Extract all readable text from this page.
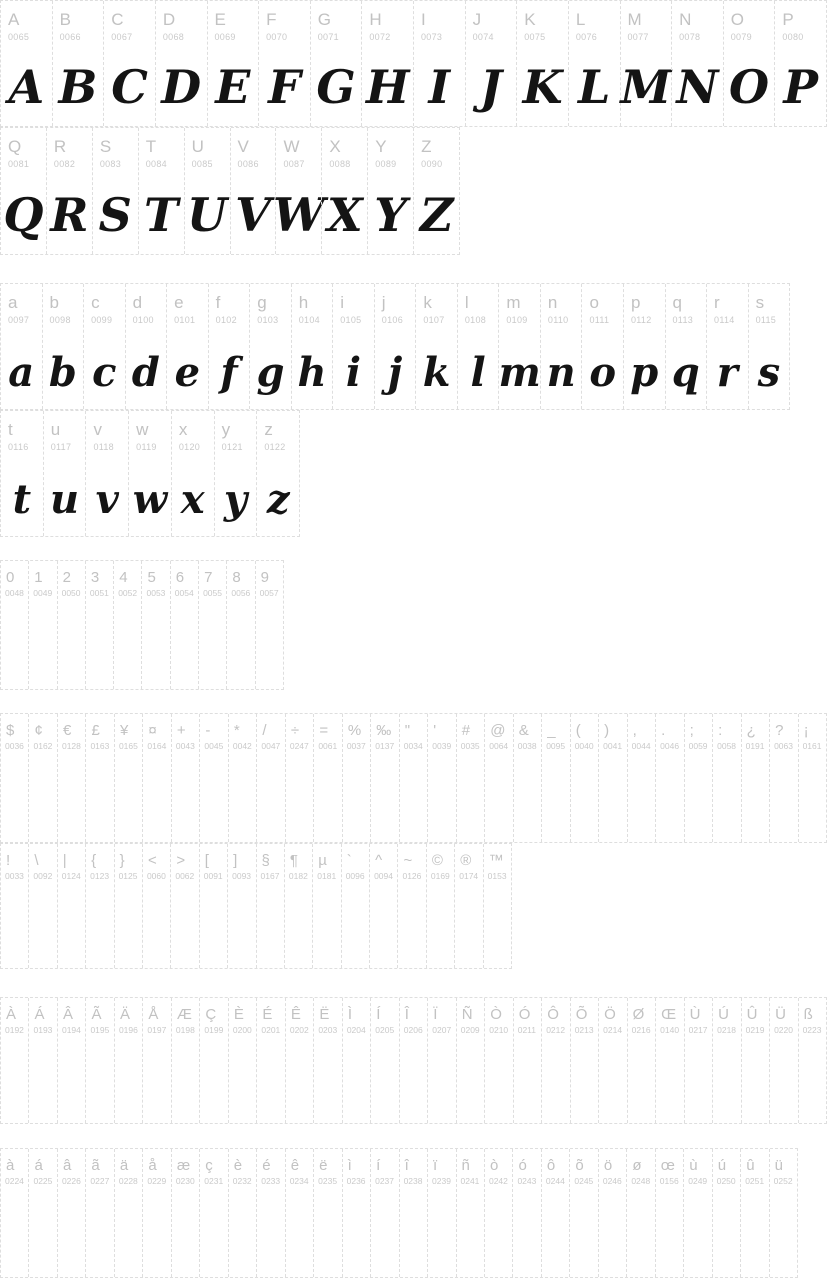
A
0065
A
B
0066
B
C
0067
C
D
0068
D
E
0069
E
F
0070
F
G
0071
G
H
0072
H
I
0073
I
J
0074
J
K
0075
K
L
0076
L
M
0077
M
N
0078
N
O
0079
O
P
0080
P
Q
0081
Q
R
0082
R
S
0083
S
T
0084
T
U
0085
U
V
0086
V
W
0087
W
X
0088
X
Y
0089
Y
Z
0090
Z
a
0097
a
b
0098
b
c
0099
c
d
0100
d
e
0101
e
f
0102
f
g
0103
g
h
0104
h
i
0105
i
j
0106
j
k
0107
k
l
0108
l
m
0109
m
n
0110
n
o
0111
o
p
0112
p
q
0113
q
r
0114
r
s
0115
s
t
0116
t
u
0117
u
v
0118
v
w
0119
w
x
0120
x
y
0121
y
z
0122
z
0
0048
1
0049
2
0050
3
0051
4
0052
5
0053
6
0054
7
0055
8
0056
9
0057
$
0036
¢
0162
€
0128
£
0163
¥
0165
¤
0164
+
0043
-
0045
*
0042
/
0047
÷
0247
=
0061
%
0037
‰
0137
"
0034
'
0039
#
0035
@
0064
&
0038
_
0095
(
0040
)
0041
,
0044
.
0046
;
0059
:
0058
¿
0191
?
0063
¡
0161
!
0033
\
0092
|
0124
{
0123
}
0125
<
0060
>
0062
[
0091
]
0093
§
0167
¶
0182
µ
0181
`
0096
^
0094
~
0126
©
0169
®
0174
™
0153
À
0192
Á
0193
Â
0194
Ã
0195
Ä
0196
Å
0197
Æ
0198
Ç
0199
È
0200
É
0201
Ê
0202
Ë
0203
Ì
0204
Í
0205
Î
0206
Ï
0207
Ñ
0209
Ò
0210
Ó
0211
Ô
0212
Õ
0213
Ö
0214
Ø
0216
Œ
0140
Ù
0217
Ú
0218
Û
0219
Ü
0220
ß
0223
à
0224
á
0225
â
0226
ã
0227
ä
0228
å
0229
æ
0230
ç
0231
è
0232
é
0233
ê
0234
ë
0235
ì
0236
í
0237
î
0238
ï
0239
ñ
0241
ò
0242
ó
0243
ô
0244
õ
0245
ö
0246
ø
0248
œ
0156
ù
0249
ú
0250
û
0251
ü
0252
